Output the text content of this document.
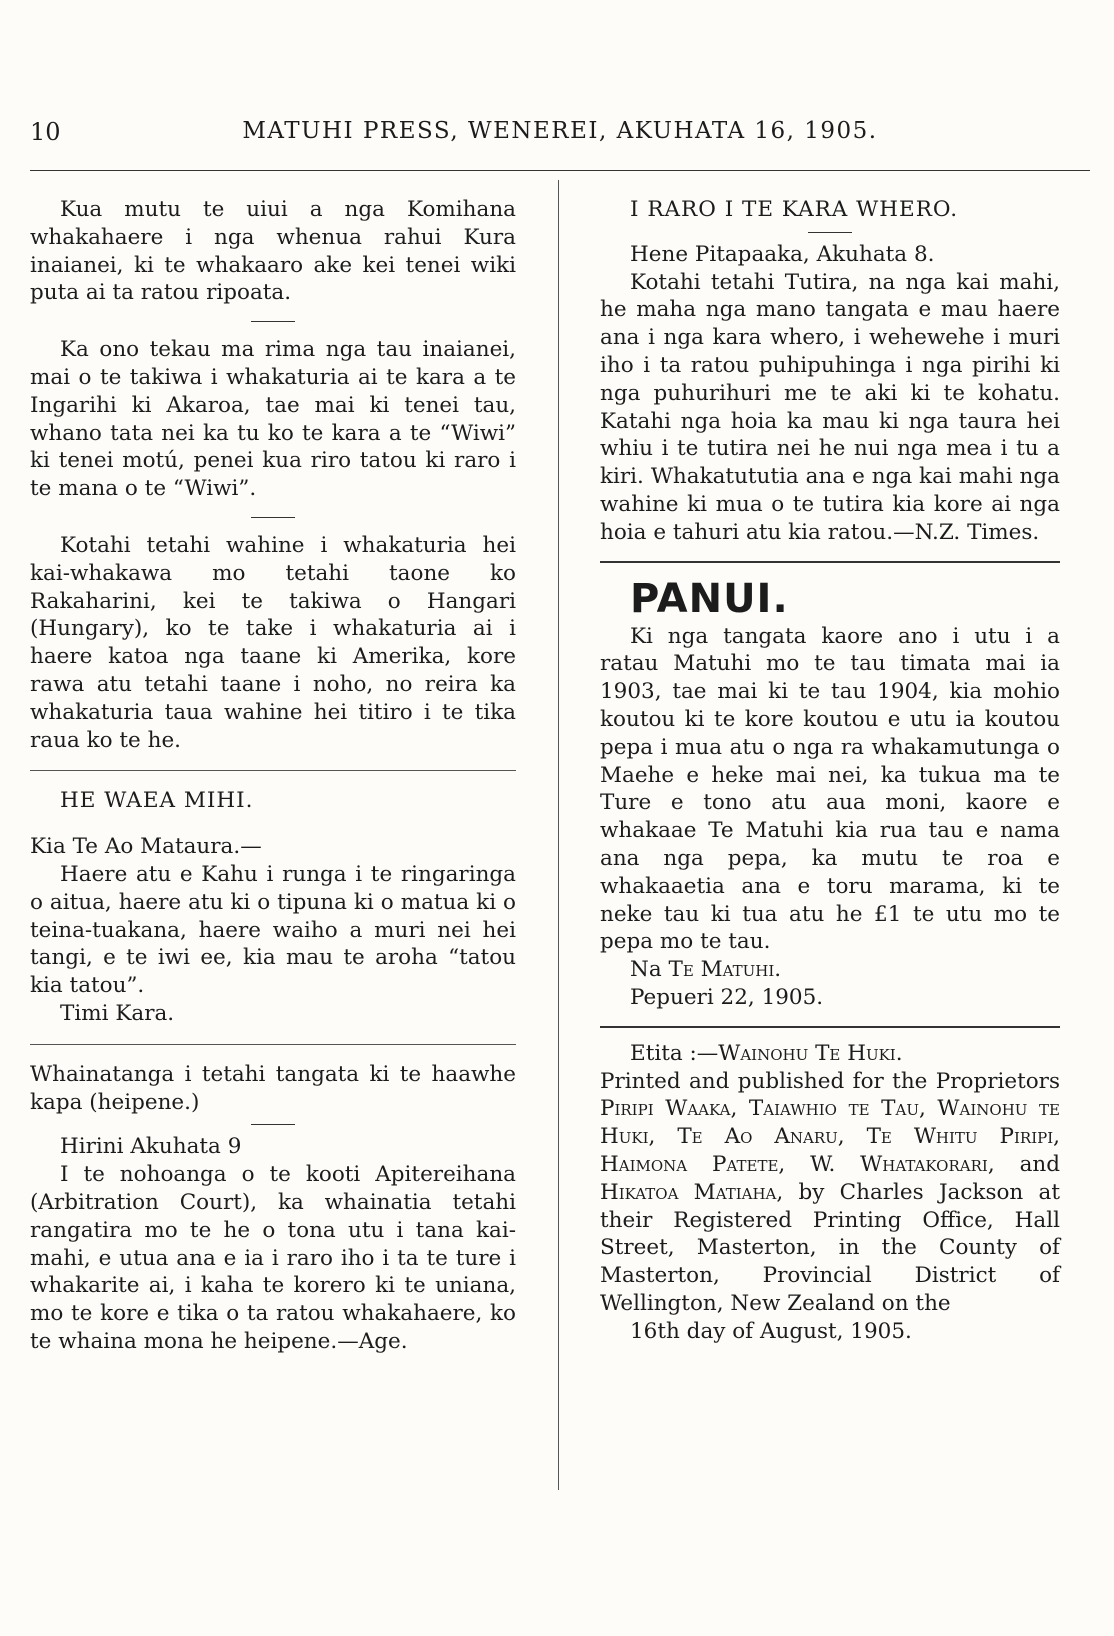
10	MATUHI PRESS, WENEREI, AKUHATA 16, 1905.

Kua mutu te uiui a nga Komihana whakahaere i nga whenua rahui Kura inaianei, ki te whakaaro ake kei tenei wiki puta ai ta ratou ripoata.

Ka ono tekau ma rima nga tau inaianei, mai o te takiwa i whakaturia ai te kara a te Ingarihi ki Akaroa, tae mai ki tenei tau, whano tata nei ka tu ko te kara a te “Wiwi” ki tenei motú, penei kua riro tatou ki raro i te mana o te “Wiwi”.

Kotahi tetahi wahine i whakaturia hei kai-whakawa mo tetahi taone ko Rakaharini, kei te takiwa o Hangari (Hungary), ko te take i whakaturia ai i haere katoa nga taane ki Amerika, kore rawa atu tetahi taane i noho, no reira ka whakaturia taua wahine hei titiro i te tika raua ko te he.

HE WAEA MIHI.

Kia Te Ao Mataura.—

Haere atu e Kahu i runga i te ringaringa o aitua, haere atu ki o tipuna ki o matua ki o teina-tuakana, haere waiho a muri nei hei tangi, e te iwi ee, kia mau te aroha “tatou kia tatou”.

Timi Kara.

Whainatanga i tetahi tangata ki te haawhe kapa (heipene.)

Hirini Akuhata 9

I te nohoanga o te kooti Apitereihana (Arbitration Court), ka whainatia tetahi rangatira mo te he o tona utu i tana kai-mahi, e utua ana e ia i raro iho i ta te ture i whakarite ai, i kaha te korero ki te uniana, mo te kore e tika o ta ratou whakahaere, ko te whaina mona he heipene.—Age.

I RARO I TE KARA WHERO.

Hene Pitapaaka, Akuhata 8.

Kotahi tetahi Tutira, na nga kai mahi, he maha nga mano tangata e mau haere ana i nga kara whero, i wehewehe i muri iho i ta ratou puhipuhinga i nga pirihi ki nga puhurihuri me te aki ki te kohatu. Katahi nga hoia ka mau ki nga taura hei whiu i te tutira nei he nui nga mea i tu a kiri. Whakatututia ana e nga kai mahi nga wahine ki mua o te tutira kia kore ai nga hoia e tahuri atu kia ratou.—N.Z. Times.

PANUI.

Ki nga tangata kaore ano i utu i a ratau Matuhi mo te tau timata mai ia 1903, tae mai ki te tau 1904, kia mohio koutou ki te kore koutou e utu ia koutou pepa i mua atu o nga ra whakamutunga o Maehe e heke mai nei, ka tukua ma te Ture e tono atu aua moni, kaore e whakaae Te Matuhi kia rua tau e nama ana nga pepa, ka mutu te roa e whakaaetia ana e toru marama, ki te neke tau ki tua atu he £1 te utu mo te pepa mo te tau.

Na Te Matuhi.

Pepueri 22, 1905.

Etita :—Wainohu Te Huki.

Printed and published for the Proprietors Piripi Waaka, Taiawhio te Tau, Wainohu te Huki, Te Ao Anaru, Te Whitu Piripi, Haimona Patete, W. Whatakorari, and Hikatoa Matiaha, by Charles Jackson at their Registered Printing Office, Hall Street, Masterton, in the County of Masterton, Provincial District of Wellington, New Zealand on the

16th day of August, 1905.
